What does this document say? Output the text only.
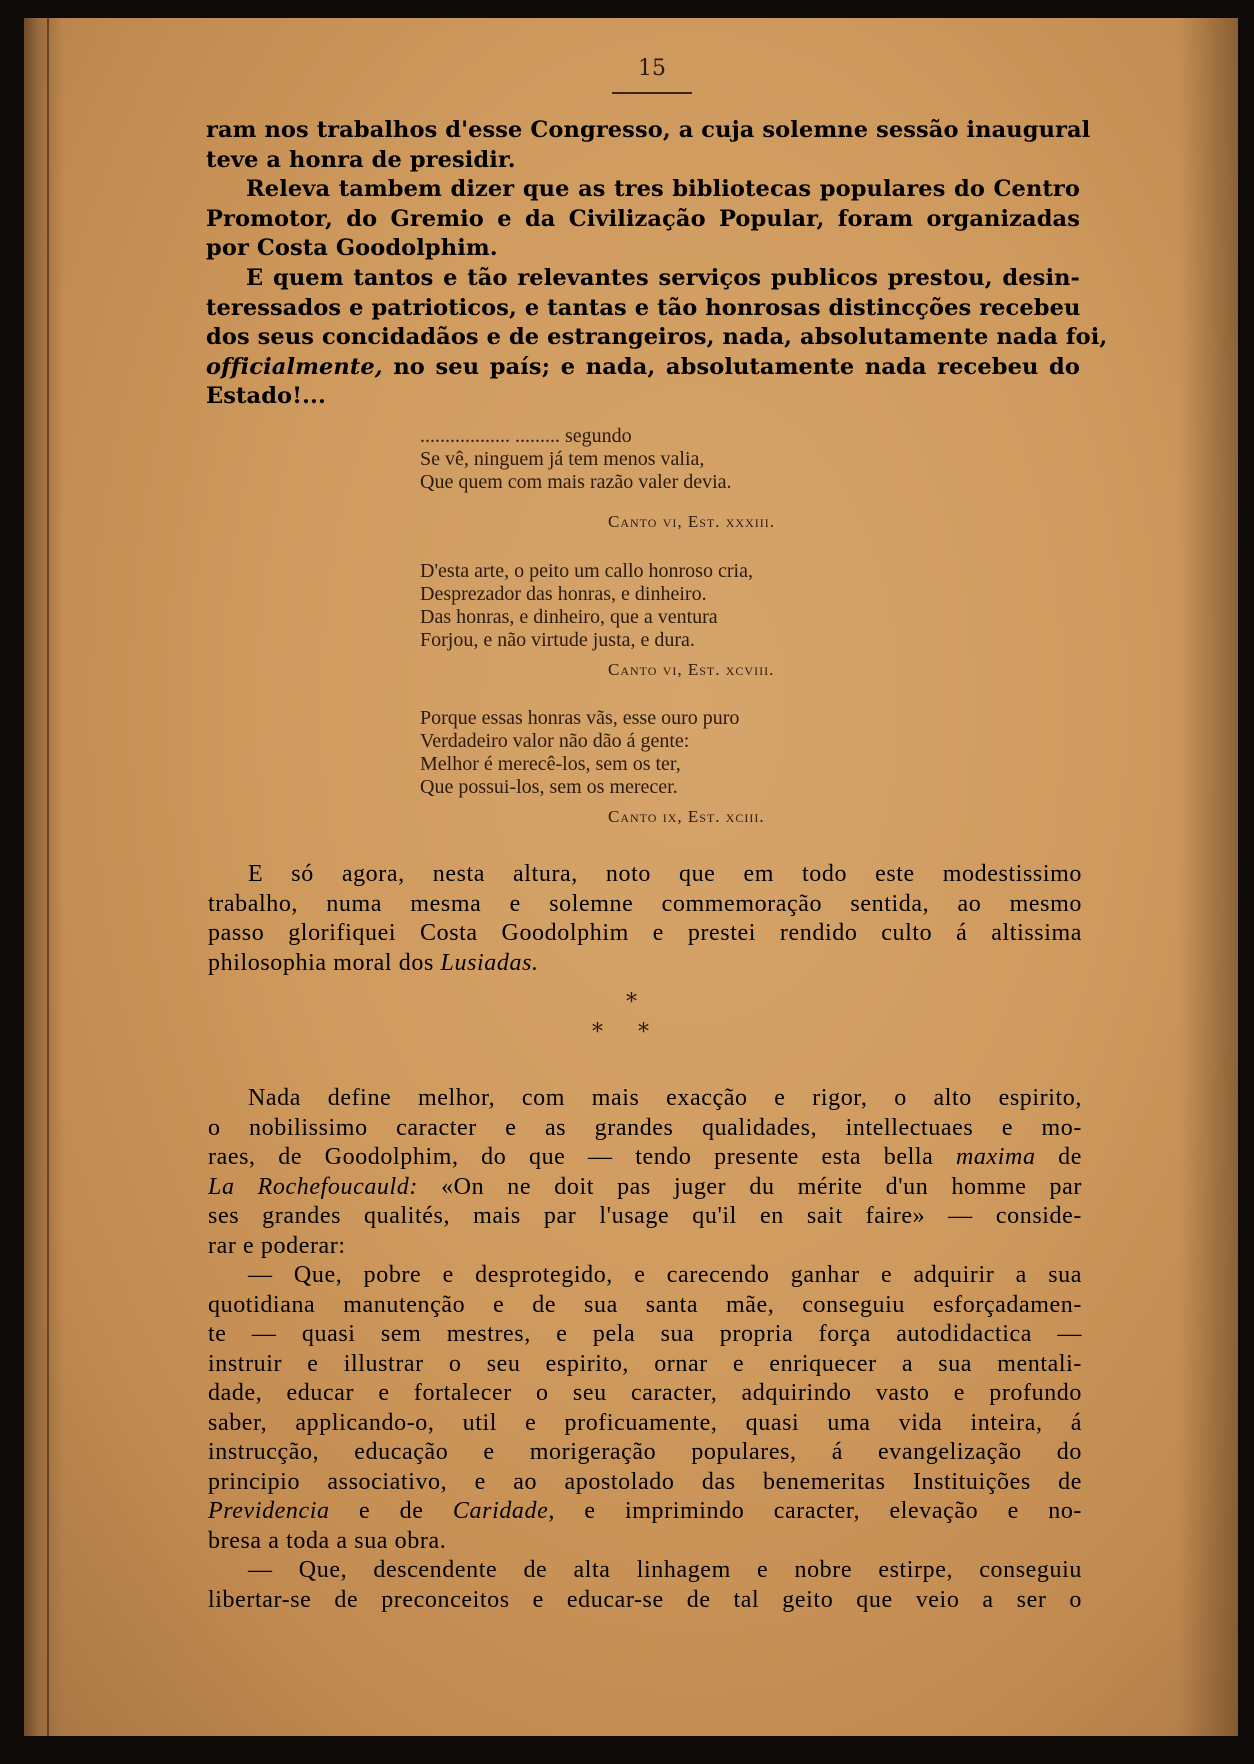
15

ram nos trabalhos d'esse Congresso, a cuja solemne sessão inaugural
teve a honra de presidir.

Releva tambem dizer que as tres bibliotecas populares do Centro
Promotor, do Gremio e da Civilização Popular, foram organizadas
por Costa Goodolphim.

E quem tantos e tão relevantes serviços publicos prestou, desin-
teressados e patrioticos, e tantas e tão honrosas distincções recebeu
dos seus concidadãos e de estrangeiros, nada, absolutamente nada foi,
officialmente, no seu país; e nada, absolutamente nada recebeu do
Estado!...

.................. ......... segundo
Se vê, ninguem já tem menos valia,
Que quem com mais razão valer devia.
Canto vi, Est. xxxiii.
D'esta arte, o peito um callo honroso cria,
Desprezador das honras, e dinheiro.
Das honras, e dinheiro, que a ventura
Forjou, e não virtude justa, e dura.
Canto vi, Est. xcviii.
Porque essas honras vãs, esse ouro puro
Verdadeiro valor não dão á gente:
Melhor é merecê-los, sem os ter,
Que possui-los, sem os merecer.
Canto ix, Est. xciii.

E só agora, nesta altura, noto que em todo este modestissimo
trabalho, numa mesma e solemne commemoração sentida, ao mesmo
passo glorifiquei Costa Goodolphim e prestei rendido culto á altissima
philosophia moral dos Lusiadas.

*
*     *

Nada define melhor, com mais exacção e rigor, o alto espirito,
o nobilissimo caracter e as grandes qualidades, intellectuaes e mo-
raes, de Goodolphim, do que — tendo presente esta bella maxima de
La Rochefoucauld: «On ne doit pas juger du mérite d'un homme par
ses grandes qualités, mais par l'usage qu'il en sait faire» — conside-
rar e poderar:

— Que, pobre e desprotegido, e carecendo ganhar e adquirir a sua
quotidiana manutenção e de sua santa mãe, conseguiu esforçadamen-
te — quasi sem mestres, e pela sua propria força autodidactica —
instruir e illustrar o seu espirito, ornar e enriquecer a sua mentali-
dade, educar e fortalecer o seu caracter, adquirindo vasto e profundo
saber, applicando-o, util e proficuamente, quasi uma vida inteira, á
instrucção, educação e morigeração populares, á evangelização do
principio associativo, e ao apostolado das benemeritas Instituições de
Previdencia e de Caridade, e imprimindo caracter, elevação e no-
bresa a toda a sua obra.

— Que, descendente de alta linhagem e nobre estirpe, conseguiu
libertar-se de preconceitos e educar-se de tal geito que veio a ser o
